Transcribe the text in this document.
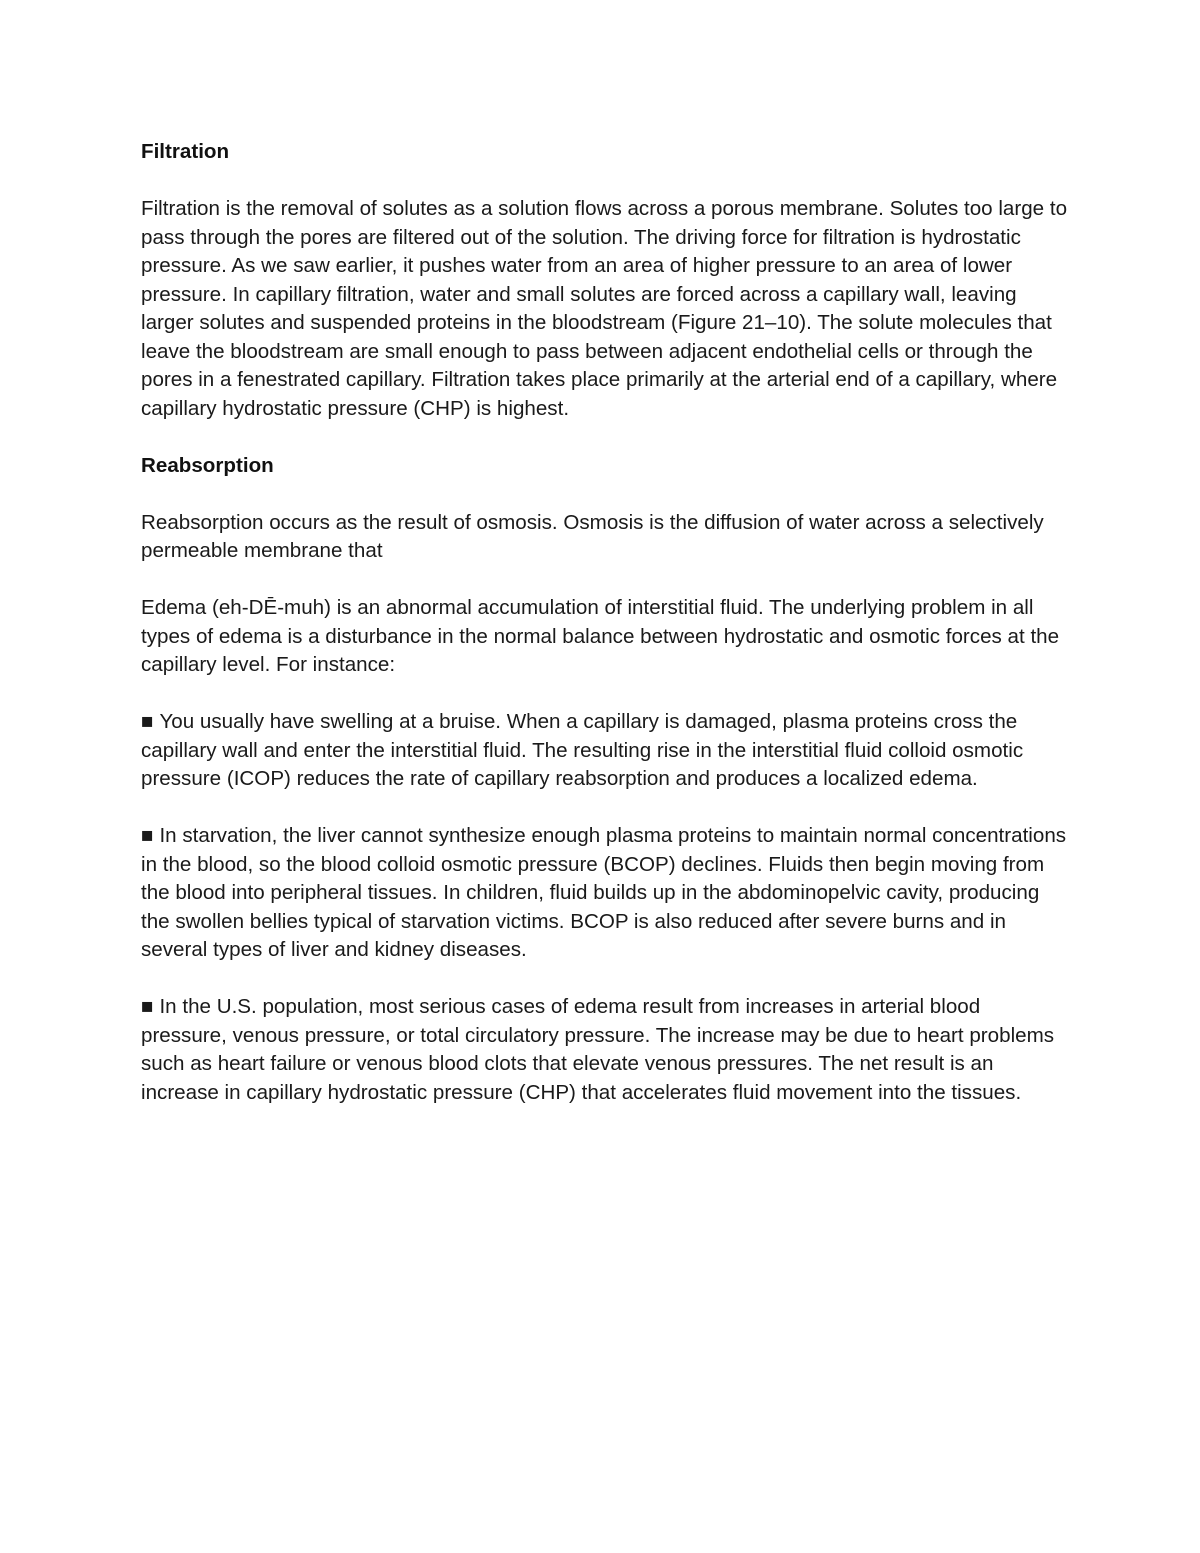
Filtration
Filtration is the removal of solutes as a solution flows across a porous membrane. Solutes too large to pass through the pores are filtered out of the solution. The driving force for filtration is hydrostatic pressure. As we saw earlier, it pushes water from an area of higher pressure to an area of lower pressure. In capillary filtration, water and small solutes are forced across a capillary wall, leaving larger solutes and suspended proteins in the bloodstream (Figure 21–10). The solute molecules that leave the bloodstream are small enough to pass between adjacent endothelial cells or through the pores in a fenestrated capillary. Filtration takes place primarily at the arterial end of a capillary, where capillary hydrostatic pressure (CHP) is highest.
Reabsorption
Reabsorption occurs as the result of osmosis. Osmosis is the diffusion of water across a selectively permeable membrane that
Edema (eh-DĒ-muh) is an abnormal accumulation of interstitial fluid. The underlying problem in all types of edema is a disturbance in the normal balance between hydrostatic and osmotic forces at the capillary level. For instance:
■ You usually have swelling at a bruise. When a capillary is damaged, plasma proteins cross the capillary wall and enter the interstitial fluid. The resulting rise in the interstitial fluid colloid osmotic pressure (ICOP) reduces the rate of capillary reabsorption and produces a localized edema.
■ In starvation, the liver cannot synthesize enough plasma proteins to maintain normal concentrations in the blood, so the blood colloid osmotic pressure (BCOP) declines. Fluids then begin moving from the blood into peripheral tissues. In children, fluid builds up in the abdominopelvic cavity, producing the swollen bellies typical of starvation victims. BCOP is also reduced after severe burns and in several types of liver and kidney diseases.
■ In the U.S. population, most serious cases of edema result from increases in arterial blood pressure, venous pressure, or total circulatory pressure. The increase may be due to heart problems such as heart failure or venous blood clots that elevate venous pressures. The net result is an increase in capillary hydrostatic pressure (CHP) that accelerates fluid movement into the tissues.
